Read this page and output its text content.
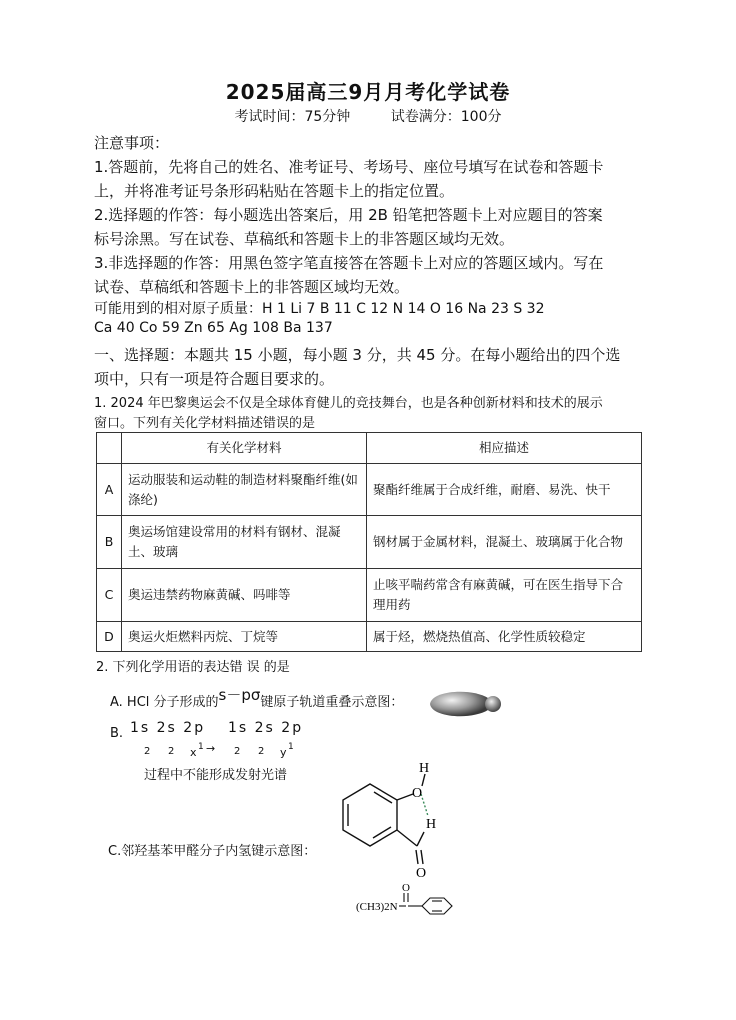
2025届高三9月月考化学试卷
考试时间：75分钟	试卷满分：100分
注意事项：
1.答题前，先将自己的姓名、准考证号、考场号、座位号填写在试卷和答题卡
上，并将准考证号条形码粘贴在答题卡上的指定位置。
2.选择题的作答：每小题选出答案后，用 2B 铅笔把答题卡上对应题目的答案
标号涂黑。写在试卷、草稿纸和答题卡上的非答题区域均无效。
3.非选择题的作答：用黑色签字笔直接答在答题卡上对应的答题区域内。写在
试卷、草稿纸和答题卡上的非答题区域均无效。
可能用到的相对原子质量：H 1 Li 7 B 11 C 12 N 14 O 16 Na 23 S 32
Ca 40 Co 59 Zn 65 Ag 108 Ba 137
一、选择题：本题共 15 小题，每小题 3 分，共 45 分。在每小题给出的四个选
项中，只有一项是符合题目要求的。
1. 2024 年巴黎奥运会不仅是全球体育健儿的竞技舞台，也是各种创新材料和技术的展示
窗口。下列有关化学材料描述错误的是
	有关化学材料	相应描述
A	运动服装和运动鞋的制造材料聚酯纤维(如涤纶)	聚酯纤维属于合成纤维，耐磨、易洗、快干
B	奥运场馆建设常用的材料有钢材、混凝土、玻璃	钢材属于金属材料，混凝土、玻璃属于化合物
C	奥运违禁药物麻黄碱、吗啡等	止咳平喘药常含有麻黄碱，可在医生指导下合理用药
D	奥运火炬燃料丙烷、丁烷等	属于烃，燃烧热值高、化学性质较稳定
2. 下列化学用语的表达错 误 的是
A. HCl 分子形成的s－pσ键原子轨道重叠示意图：
B. 1s 2s 2p 1s 2s 2p
2 2 x 1 → 2 2 y 1
过程中不能形成发射光谱	H
O
H
O
C.邻羟基苯甲醛分子内氢键示意图：
(CH3)2N
O
